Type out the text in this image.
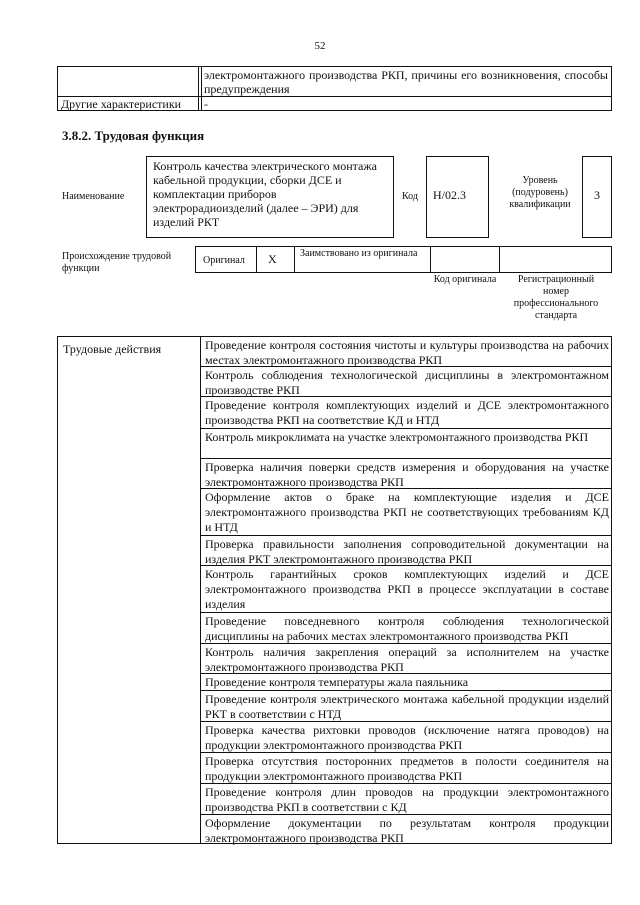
52
электромонтажного производства РКП, причины его возникновения, способы предупреждения
Другие характеристики -
3.8.2. Трудовая функция
Наименование
Контроль качества электрического монтажа кабельной продукции, сборки ДСЕ и комплектации приборов электрорадиоизделий (далее – ЭРИ) для изделий РКТ
Код	Н/02.3
Уровень (подуровень) квалификации
3
Происхождение трудовой функции
Оригинал X Заимствовано из оригинала
Код оригинала	Регистрационный номер профессионального стандарта
Трудовые действия	Проведение контроля состояния чистоты и культуры производства на рабочих местах электромонтажного производства РКП
Контроль соблюдения технологической дисциплины в электромонтажном производстве РКП
Проведение контроля комплектующих изделий и ДСЕ электромонтажного производства РКП на соответствие КД и НТД
Контроль микроклимата на участке электромонтажного производства РКП
Проверка наличия поверки средств измерения и оборудования на участке электромонтажного производства РКП
Оформление актов о браке на комплектующие изделия и ДСЕ электромонтажного производства РКП не соответствующих требованиям КД и НТД
Проверка правильности заполнения сопроводительной документации на изделия РКТ электромонтажного производства РКП
Контроль гарантийных сроков комплектующих изделий и ДСЕ электромонтажного производства РКП в процессе эксплуатации в составе изделия
Проведение повседневного контроля соблюдения технологической дисциплины на рабочих местах электромонтажного производства РКП
Контроль наличия закрепления операций за исполнителем на участке электромонтажного производства РКП
Проведение контроля температуры жала паяльника
Проведение контроля электрического монтажа кабельной продукции изделий РКТ в соответствии с НТД
Проверка качества рихтовки проводов (исключение натяга проводов) на продукции электромонтажного производства РКП
Проверка отсутствия посторонних предметов в полости соединителя на продукции электромонтажного производства РКП
Проведение контроля длин проводов на продукции электромонтажного производства РКП в соответствии с КД
Оформление документации по результатам контроля продукции электромонтажного производства РКП
